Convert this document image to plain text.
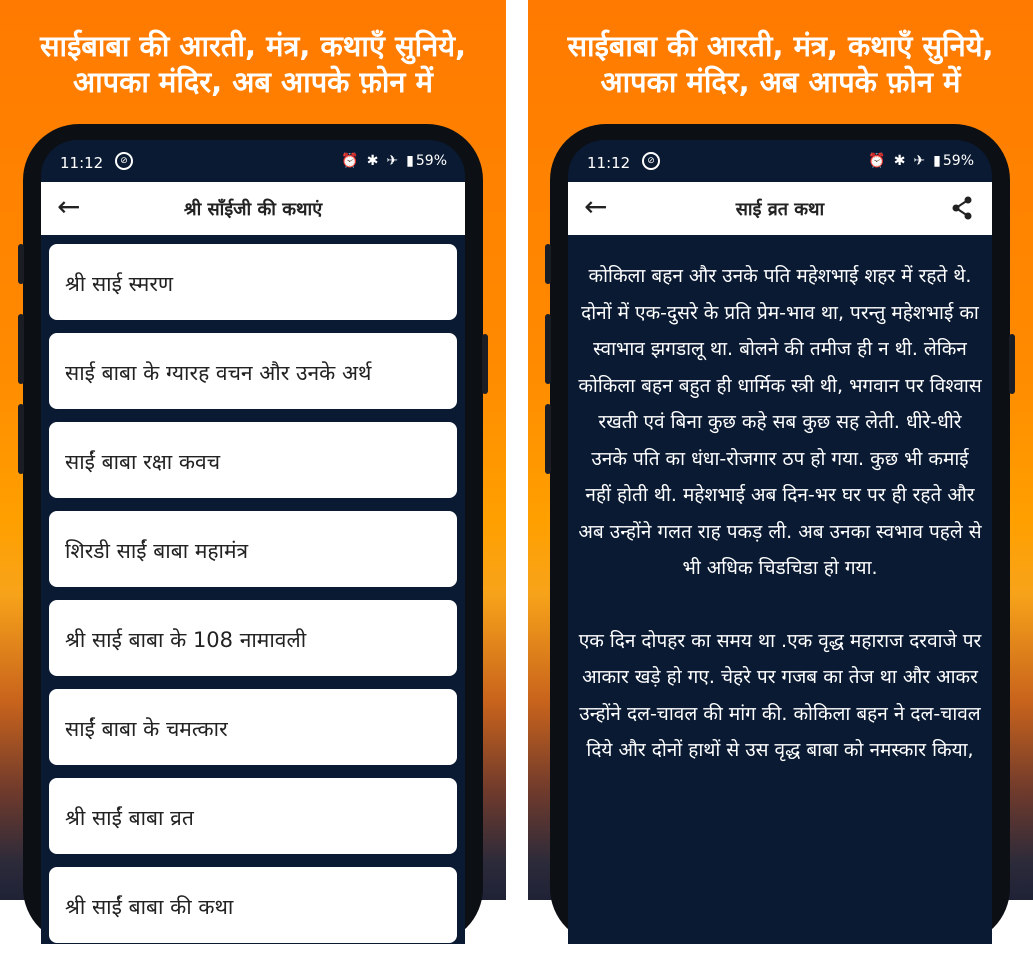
साईबाबा की आरती, मंत्र, कथाएँ सुनिये,
आपका मंदिर, अब आपके फ़ोन में
11:12	⊘	⏰ ✱ ✈ ▮ 59%
←	श्री साँईजी की कथाएं
श्री साई स्मरण
साई बाबा के ग्यारह वचन और उनके अर्थ
साईं बाबा रक्षा कवच
शिरडी साईं बाबा महामंत्र
श्री साई बाबा के 108 नामावली
साईं बाबा के चमत्कार
श्री साईं बाबा व्रत
श्री साईं बाबा की कथा
साईबाबा की आरती, मंत्र, कथाएँ सुनिये,
आपका मंदिर, अब आपके फ़ोन में
11:12	⊘	⏰ ✱ ✈ ▮ 59%
←	साई व्रत कथा

कोकिला बहन और उनके पति महेशभाई शहर में रहते थे. दोनों में एक-दुसरे के प्रति प्रेम-भाव था, परन्तु महेशभाई का स्वाभाव झगडालू था. बोलने की तमीज ही न थी. लेकिन कोकिला बहन बहुत ही धार्मिक स्त्री थी, भगवान पर विश्वास रखती एवं बिना कुछ कहे सब कुछ सह लेती. धीरे-धीरे उनके पति का धंधा-रोजगार ठप हो गया. कुछ भी कमाई नहीं होती थी. महेशभाई अब दिन-भर घर पर ही रहते और अब उन्होंने गलत राह पकड़ ली. अब उनका स्वभाव पहले से भी अधिक चिडचिडा हो गया.

एक दिन दोपहर का समय था .एक वृद्ध महाराज दरवाजे पर आकार खड़े हो गए. चेहरे पर गजब का तेज था और आकर उन्होंने दल-चावल की मांग की. कोकिला बहन ने दल-चावल दिये और दोनों हाथों से उस वृद्ध बाबा को नमस्कार किया,
